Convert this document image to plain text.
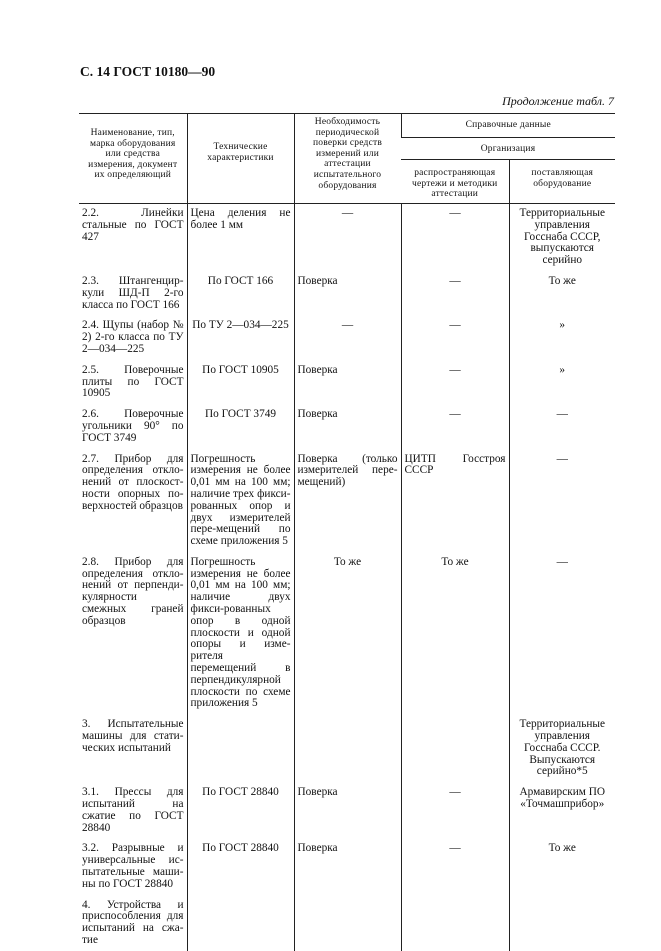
С. 14 ГОСТ 10180—90
Продолжение табл. 7
Наименование, тип, марка оборудования или средства измерения, документ их определяющий	Технические характеристики	Необходимость периодической поверки средств измерений или аттестации испытательного оборудования	Справочные данные	
			Организация	
			распространяющая чертежи и методики аттестации	поставляющая оборудование
2.2. Линейки стальные по ГОСТ 427	Цена деления не более 1 мм	—	—	Территориальные управления Госснаба СССР, выпускаются серийно
2.3. Штангенцир-кули ШД-П 2-го класса по ГОСТ 166	По ГОСТ 166	Поверка	—	То же
2.4. Щупы (набор № 2) 2-го класса по ТУ 2—034—225	По ТУ 2—034—225	—	—	»
2.5. Поверочные плиты по ГОСТ 10905	По ГОСТ 10905	Поверка	—	»
2.6. Поверочные угольники 90° по ГОСТ 3749	По ГОСТ 3749	Поверка	—	—
2.7. Прибор для определения откло-нений от плоскост-ности опорных по-верхностей образцов	Погрешность измерения не более 0,01 мм на 100 мм; наличие трех фикси-рованных опор и двух измерителей пере-мещений по схеме приложения 5	Поверка (только измерителей пере-мещений)	ЦИТП Госстроя СССР	—
2.8. Прибор для определения откло-нений от перпенди-кулярности смежных граней образцов	Погрешность измерения не более 0,01 мм на 100 мм; наличие двух фикси-рованных опор в одной плоскости и одной опоры и изме-рителя перемещений в перпендикулярной плоскости по схеме приложения 5	То же	То же	—
3. Испытательные машины для стати-ческих испытаний				Территориальные управления Госснаба СССР. Выпускаются серийно*5
3.1. Прессы для испытаний на сжатие по ГОСТ 28840	По ГОСТ 28840	Поверка	—	Армавирским ПО «Точмашприбор»
3.2. Разрывные и универсальные ис-пытательные маши-ны по ГОСТ 28840	По ГОСТ 28840	Поверка	—	То же
4. Устройства и приспособления для испытаний на сжа-тие				
